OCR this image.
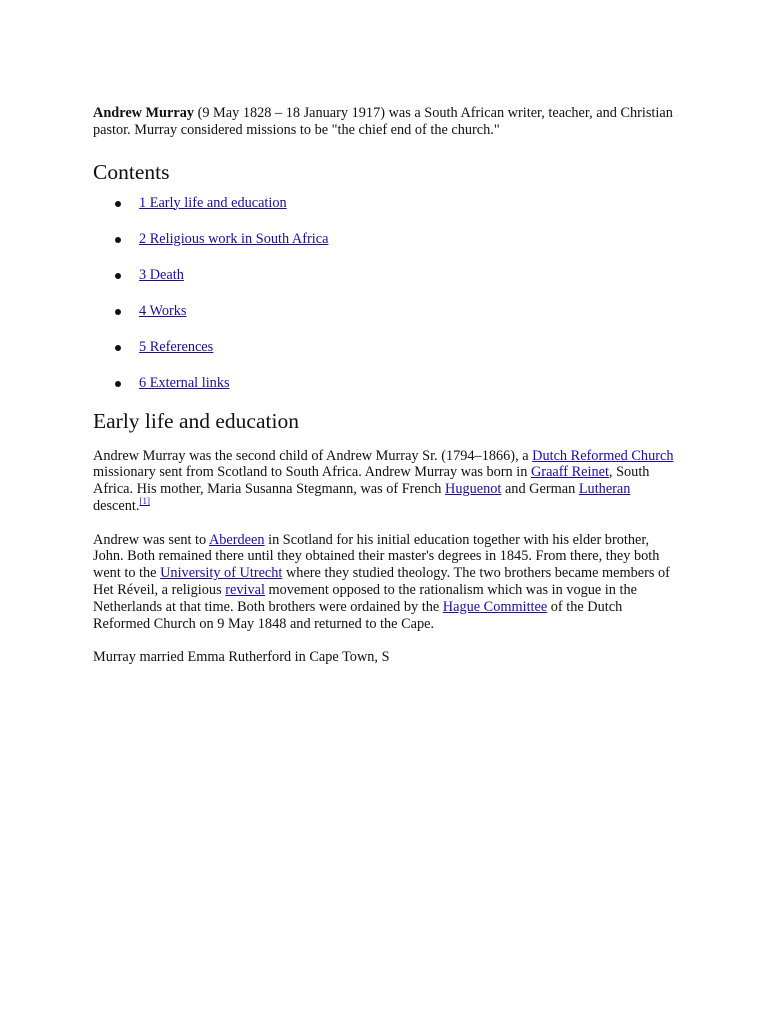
Andrew Murray (9 May 1828 – 18 January 1917) was a South African writer, teacher, and Christian pastor. Murray considered missions to be "the chief end of the church."

Contents
1 Early life and education
2 Religious work in South Africa
3 Death
4 Works
5 References
6 External links
Early life and education

Andrew Murray was the second child of Andrew Murray Sr. (1794–1866), a Dutch Reformed Church missionary sent from Scotland to South Africa. Andrew Murray was born in Graaff Reinet, South Africa. His mother, Maria Susanna Stegmann, was of French Huguenot and German Lutheran descent.[1]

Andrew was sent to Aberdeen in Scotland for his initial education together with his elder brother, John. Both remained there until they obtained their master's degrees in 1845. From there, they both went to the University of Utrecht where they studied theology. The two brothers became members of Het Réveil, a religious revival movement opposed to the rationalism which was in vogue in the Netherlands at that time. Both brothers were ordained by the Hague Committee of the Dutch Reformed Church on 9 May 1848 and returned to the Cape.

Murray married Emma Rutherford in Cape Town, S
